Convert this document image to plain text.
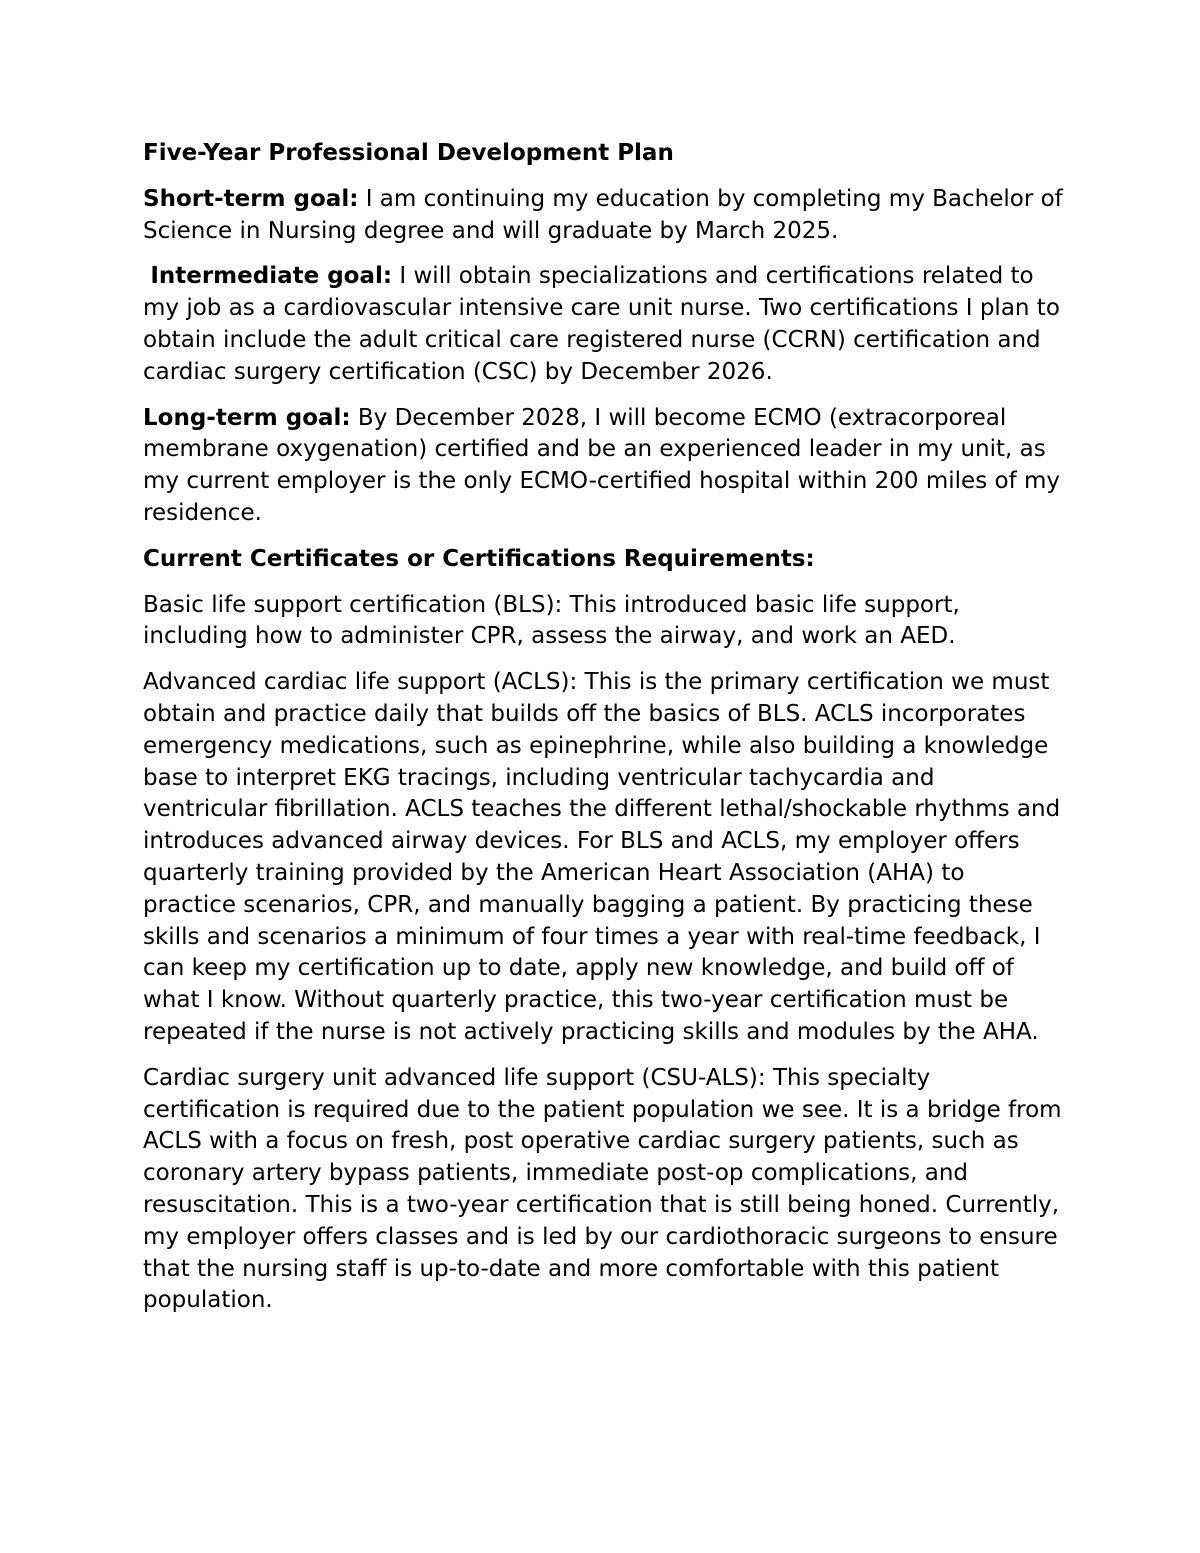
Five-Year Professional Development Plan

Short-term goal: I am continuing my education by completing my Bachelor of Science in Nursing degree and will graduate by March 2025.

Intermediate goal: I will obtain specializations and certifications related to my job as a cardiovascular intensive care unit nurse. Two certifications I plan to obtain include the adult critical care registered nurse (CCRN) certification and cardiac surgery certification (CSC) by December 2026.

Long-term goal: By December 2028, I will become ECMO (extracorporeal membrane oxygenation) certified and be an experienced leader in my unit, as my current employer is the only ECMO-certified hospital within 200 miles of my residence.

Current Certificates or Certifications Requirements:

Basic life support certification (BLS): This introduced basic life support, including how to administer CPR, assess the airway, and work an AED.

Advanced cardiac life support (ACLS): This is the primary certification we must obtain and practice daily that builds off the basics of BLS. ACLS incorporates emergency medications, such as epinephrine, while also building a knowledge base to interpret EKG tracings, including ventricular tachycardia and ventricular fibrillation. ACLS teaches the different lethal/shockable rhythms and introduces advanced airway devices. For BLS and ACLS, my employer offers quarterly training provided by the American Heart Association (AHA) to practice scenarios, CPR, and manually bagging a patient. By practicing these skills and scenarios a minimum of four times a year with real-time feedback, I can keep my certification up to date, apply new knowledge, and build off of what I know. Without quarterly practice, this two-year certification must be repeated if the nurse is not actively practicing skills and modules by the AHA.

Cardiac surgery unit advanced life support (CSU-ALS): This specialty certification is required due to the patient population we see. It is a bridge from ACLS with a focus on fresh, post operative cardiac surgery patients, such as coronary artery bypass patients, immediate post-op complications, and resuscitation. This is a two-year certification that is still being honed. Currently, my employer offers classes and is led by our cardiothoracic surgeons to ensure that the nursing staff is up-to-date and more comfortable with this patient population.
